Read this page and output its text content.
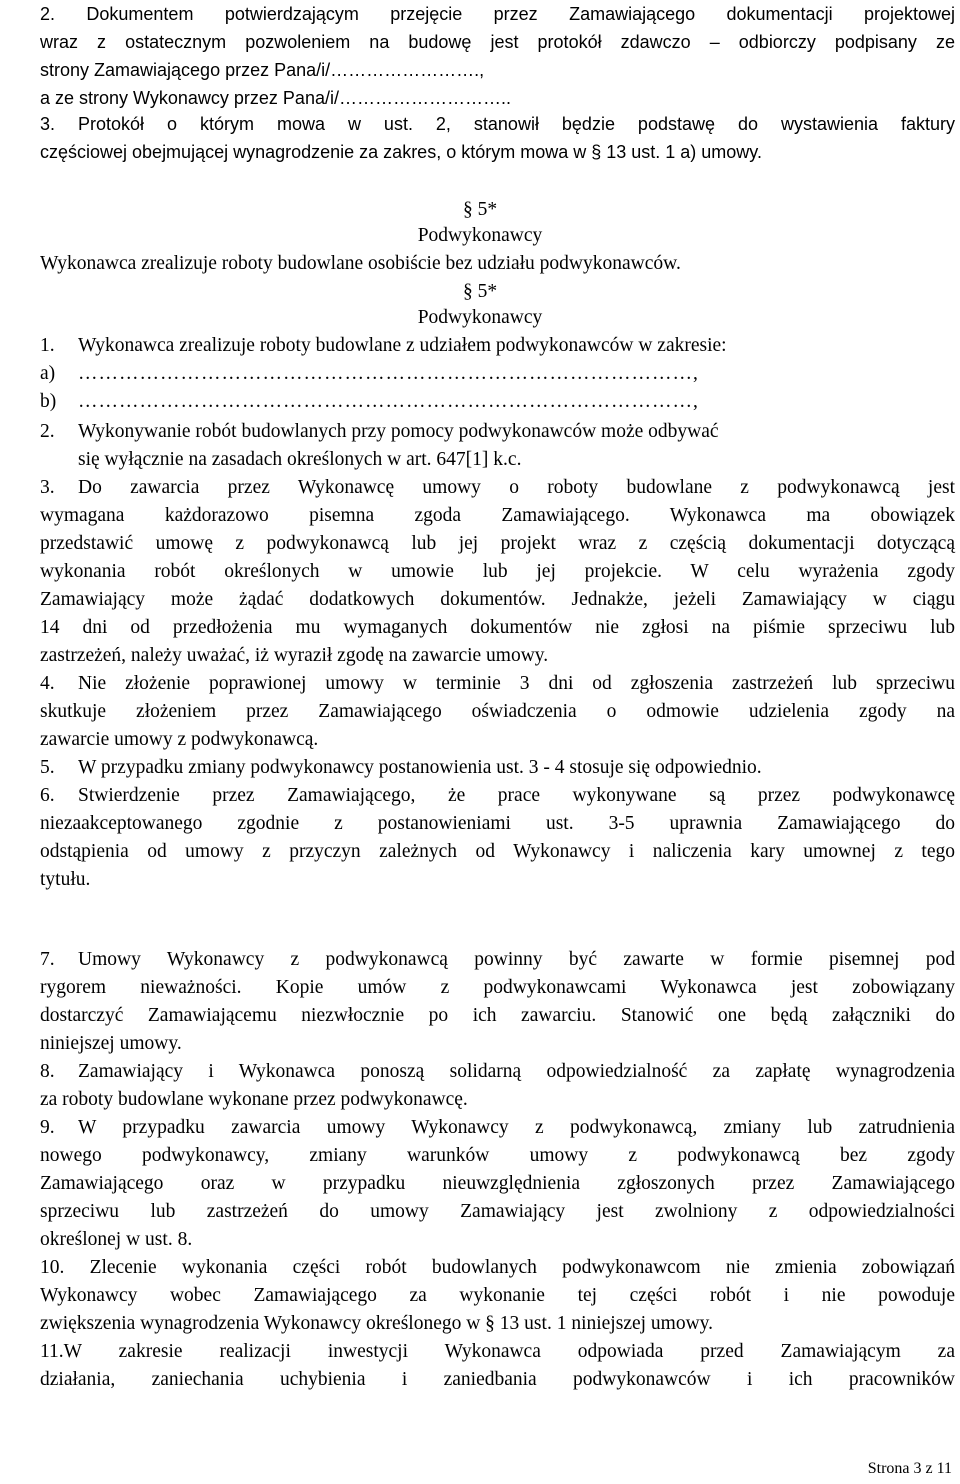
2. Dokumentem potwierdzającym przejęcie przez Zamawiającego dokumentacji projektowej
wraz z ostatecznym pozwoleniem na budowę jest protokół zdawczo – odbiorczy podpisany ze
strony Zamawiającego przez Pana/i/…………………….,
a ze strony Wykonawcy przez Pana/i/………………………..
3. Protokół o którym mowa w ust. 2, stanowił będzie podstawę do wystawienia faktury
częściowej obejmującej wynagrodzenie za zakres, o którym mowa w § 13 ust. 1 a) umowy.
§ 5*
Podwykonawcy
Wykonawca zrealizuje roboty budowlane osobiście bez udziału podwykonawców.
§ 5*
Podwykonawcy
1. Wykonawca zrealizuje roboty budowlane z udziałem podwykonawców w zakresie:
a) ………………………………………………………………………………,
b) ………………………………………………………………………………,
2. Wykonywanie robót budowlanych przy pomocy podwykonawców może odbywać
się wyłącznie na zasadach określonych w art. 647[1] k.c.
3. Do zawarcia przez Wykonawcę umowy o roboty budowlane z podwykonawcą jest
wymagana każdorazowo pisemna zgoda Zamawiającego. Wykonawca ma obowiązek
przedstawić umowę z podwykonawcą lub jej projekt wraz z częścią dokumentacji dotyczącą
wykonania robót określonych w umowie lub jej projekcie. W celu wyrażenia zgody
Zamawiający może żądać dodatkowych dokumentów. Jednakże, jeżeli Zamawiający w ciągu
14 dni od przedłożenia mu wymaganych dokumentów nie zgłosi na piśmie sprzeciwu lub
zastrzeżeń, należy uważać, iż wyraził zgodę na zawarcie umowy.
4. Nie złożenie poprawionej umowy w terminie 3 dni od zgłoszenia zastrzeżeń lub sprzeciwu
skutkuje złożeniem przez Zamawiającego oświadczenia o odmowie udzielenia zgody na
zawarcie umowy z podwykonawcą.
5. W przypadku zmiany podwykonawcy postanowienia ust. 3 - 4 stosuje się odpowiednio.
6. Stwierdzenie przez Zamawiającego, że prace wykonywane są przez podwykonawcę
niezaakceptowanego zgodnie z postanowieniami ust. 3-5 uprawnia Zamawiającego do
odstąpienia od umowy z przyczyn zależnych od Wykonawcy i naliczenia kary umownej z tego
tytułu.
7. Umowy Wykonawcy z podwykonawcą powinny być zawarte w formie pisemnej pod
rygorem nieważności. Kopie umów z podwykonawcami Wykonawca jest zobowiązany
dostarczyć Zamawiającemu niezwłocznie po ich zawarciu. Stanowić one będą załączniki do
niniejszej umowy.
8. Zamawiający i Wykonawca ponoszą solidarną odpowiedzialność za zapłatę wynagrodzenia
za roboty budowlane wykonane przez podwykonawcę.
9. W przypadku zawarcia umowy Wykonawcy z podwykonawcą, zmiany lub zatrudnienia
nowego podwykonawcy, zmiany warunków umowy z podwykonawcą bez zgody
Zamawiającego oraz w przypadku nieuwzględnienia zgłoszonych przez Zamawiającego
sprzeciwu lub zastrzeżeń do umowy Zamawiający jest zwolniony z odpowiedzialności
określonej w ust. 8.
10. Zlecenie wykonania części robót budowlanych podwykonawcom nie zmienia zobowiązań
Wykonawcy wobec Zamawiającego za wykonanie tej części robót i nie powoduje
zwiększenia wynagrodzenia Wykonawcy określonego w § 13 ust. 1 niniejszej umowy.
11.W zakresie realizacji inwestycji Wykonawca odpowiada przed Zamawiającym za
działania, zaniechania uchybienia i zaniedbania podwykonawców i ich pracowników
Strona 3 z 11
